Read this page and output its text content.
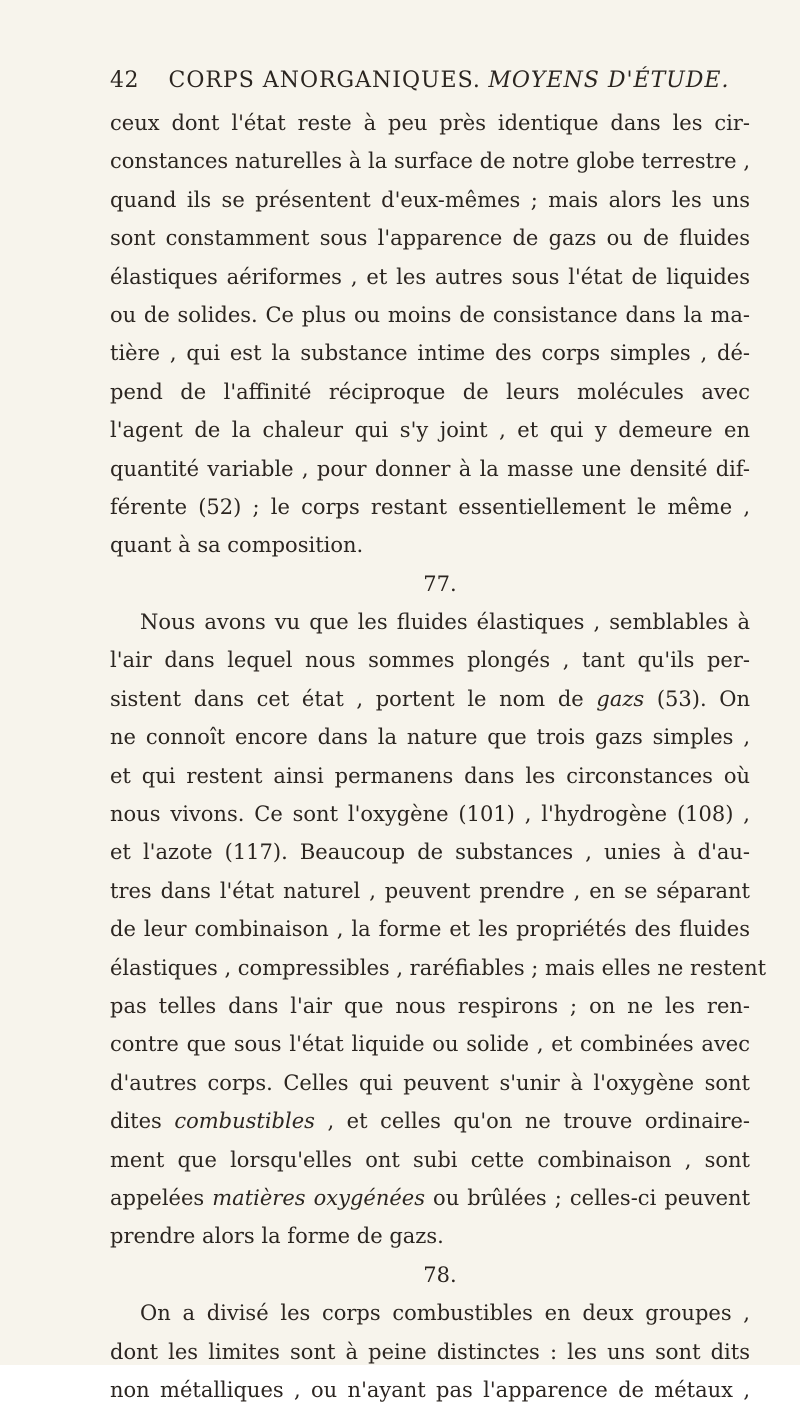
42 CORPS ANORGANIQUES. MOYENS D'ÉTUDE.
ceux dont l'état reste à peu près identique dans les cir-
constances naturelles à la surface de notre globe terrestre ,
quand ils se présentent d'eux-mêmes ; mais alors les uns
sont constamment sous l'apparence de gazs ou de fluides
élastiques aériformes , et les autres sous l'état de liquides
ou de solides. Ce plus ou moins de consistance dans la ma-
tière , qui est la substance intime des corps simples , dé-
pend de l'affinité réciproque de leurs molécules avec
l'agent de la chaleur qui s'y joint , et qui y demeure en
quantité variable , pour donner à la masse une densité dif-
férente (52) ; le corps restant essentiellement le même ,
quant à sa composition.
77.
Nous avons vu que les fluides élastiques , semblables à
l'air dans lequel nous sommes plongés , tant qu'ils per-
sistent dans cet état , portent le nom de gazs (53). On
ne connoît encore dans la nature que trois gazs simples ,
et qui restent ainsi permanens dans les circonstances où
nous vivons. Ce sont l'oxygène (101) , l'hydrogène (108) ,
et l'azote (117). Beaucoup de substances , unies à d'au-
tres dans l'état naturel , peuvent prendre , en se séparant
de leur combinaison , la forme et les propriétés des fluides
élastiques , compressibles , raréfiables ; mais elles ne restent
pas telles dans l'air que nous respirons ; on ne les ren-
contre que sous l'état liquide ou solide , et combinées avec
d'autres corps. Celles qui peuvent s'unir à l'oxygène sont
dites combustibles , et celles qu'on ne trouve ordinaire-
ment que lorsqu'elles ont subi cette combinaison , sont
appelées matières oxygénées ou brûlées ; celles-ci peuvent
prendre alors la forme de gazs.
78.
On a divisé les corps combustibles en deux groupes ,
dont les limites sont à peine distinctes : les uns sont dits
non métalliques , ou n'ayant pas l'apparence de métaux ,
